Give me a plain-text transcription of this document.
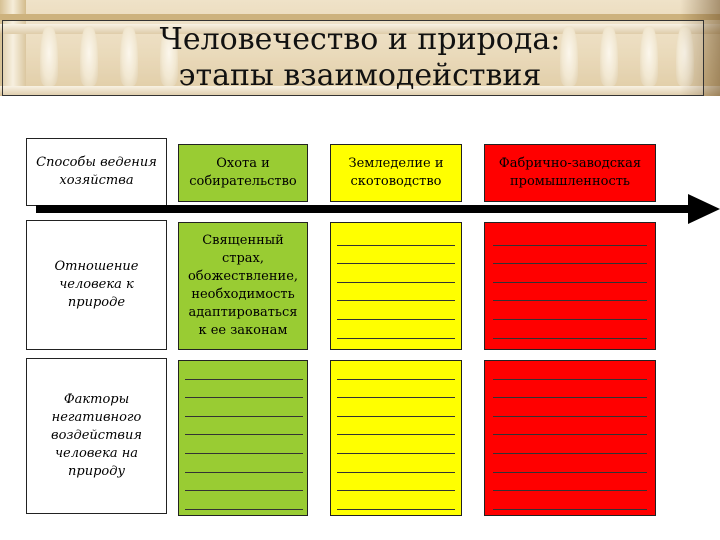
Человечество и природа:
этапы взаимодействия
Способы ведения хозяйства
Отношение человека к природе
Факторы негативного воздействия человека на природу
Охота и собирательство
Земледелие и скотоводство
Фабрично-заводская промышленность
Священный страх, обожествление, необходимость адаптироваться к ее законам
